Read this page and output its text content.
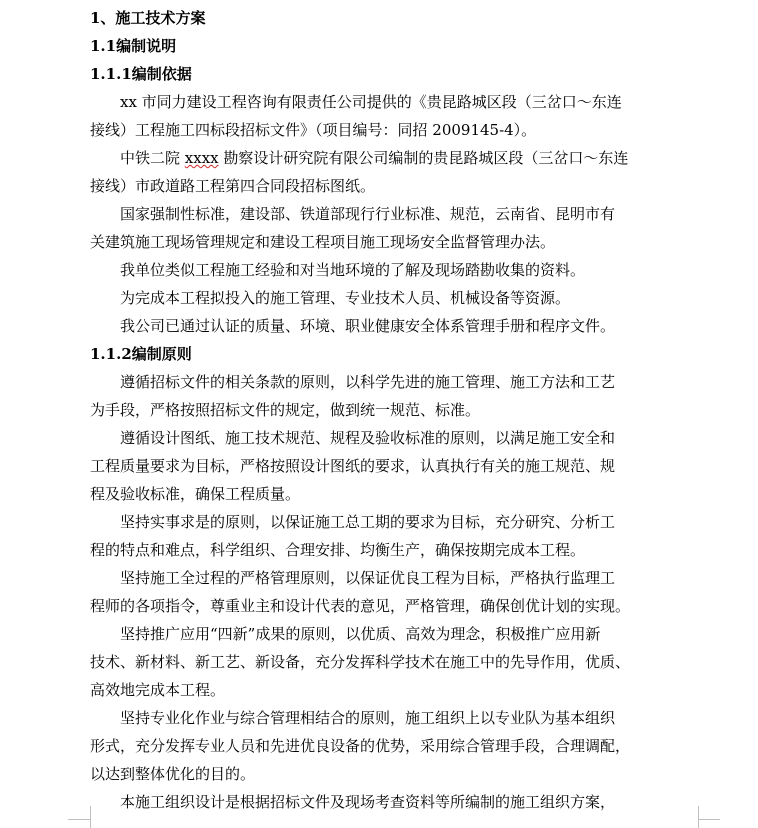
1、施工技术方案
1.1编制说明
1.1.1编制依据
xx 市同力建设工程咨询有限责任公司提供的《贵昆路城区段（三岔口～东连
接线）工程施工四标段招标文件》（项目编号：同招 2009145-4）。
中铁二院 xxxx 勘察设计研究院有限公司编制的贵昆路城区段（三岔口～东连
接线）市政道路工程第四合同段招标图纸。
国家强制性标准，建设部、铁道部现行行业标准、规范，云南省、昆明市有
关建筑施工现场管理规定和建设工程项目施工现场安全监督管理办法。
我单位类似工程施工经验和对当地环境的了解及现场踏勘收集的资料。
为完成本工程拟投入的施工管理、专业技术人员、机械设备等资源。
我公司已通过认证的质量、环境、职业健康安全体系管理手册和程序文件。
1.1.2编制原则
遵循招标文件的相关条款的原则，以科学先进的施工管理、施工方法和工艺
为手段，严格按照招标文件的规定，做到统一规范、标准。
遵循设计图纸、施工技术规范、规程及验收标准的原则，以满足施工安全和
工程质量要求为目标，严格按照设计图纸的要求，认真执行有关的施工规范、规
程及验收标准，确保工程质量。
坚持实事求是的原则，以保证施工总工期的要求为目标，充分研究、分析工
程的特点和难点，科学组织、合理安排、均衡生产，确保按期完成本工程。
坚持施工全过程的严格管理原则，以保证优良工程为目标，严格执行监理工
程师的各项指令，尊重业主和设计代表的意见，严格管理，确保创优计划的实现。
坚持推广应用“四新”成果的原则，以优质、高效为理念，积极推广应用新
技术、新材料、新工艺、新设备，充分发挥科学技术在施工中的先导作用，优质、
高效地完成本工程。
坚持专业化作业与综合管理相结合的原则，施工组织上以专业队为基本组织
形式，充分发挥专业人员和先进优良设备的优势，采用综合管理手段，合理调配，
以达到整体优化的目的。
本施工组织设计是根据招标文件及现场考查资料等所编制的施工组织方案，
